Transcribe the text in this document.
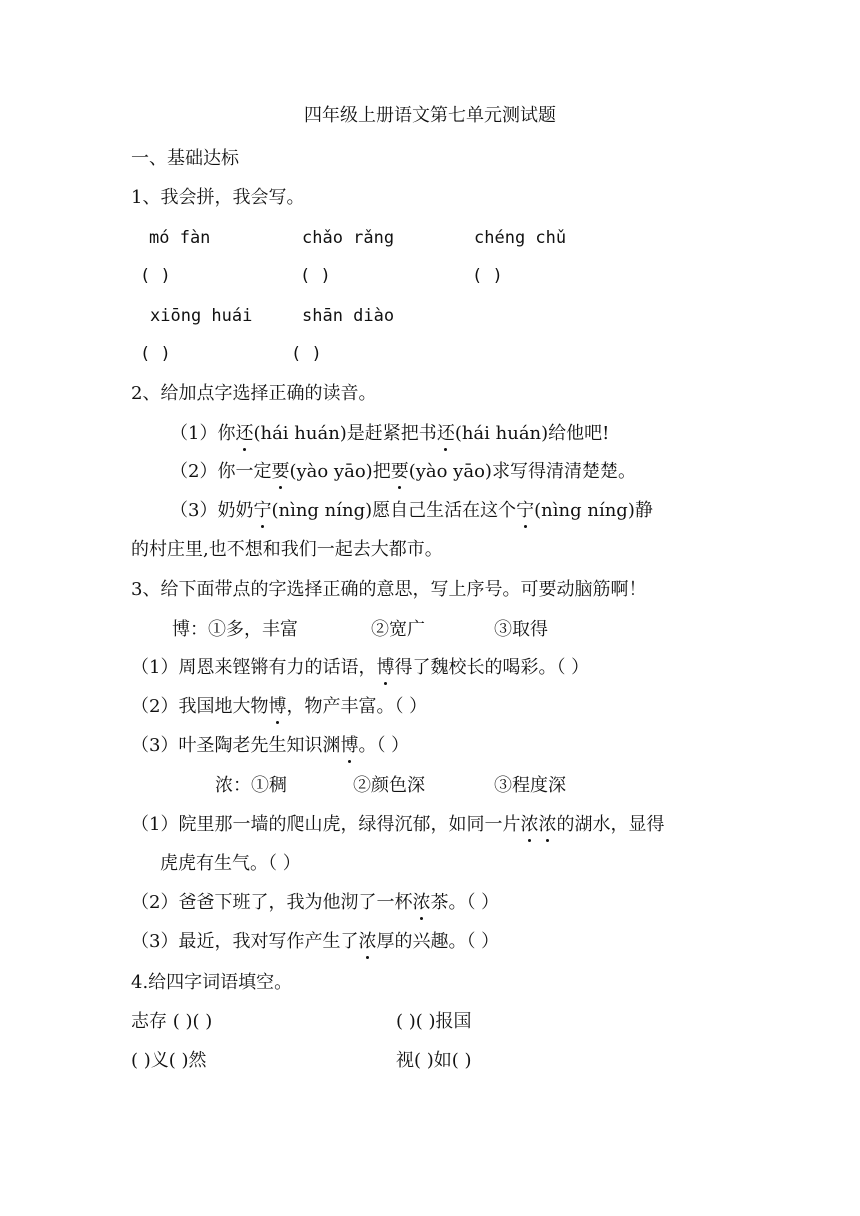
四年级上册语文第七单元测试题
一、基础达标
1、我会拼，我会写。
mó fàn	chǎo rǎng	chéng chǔ
( )	( )	( )
xiōng huái	shān diào
( )	( )
2、给加点字选择正确的读音。
（1）你还(hái huán)是赶紧把书还(hái huán)给他吧!
（2）你一定要(yào yāo)把要(yào yāo)求写得清清楚楚。
（3）奶奶宁(nìng níng)愿自己生活在这个宁(nìng níng)静
的村庄里,也不想和我们一起去大都市。
3、给下面带点的字选择正确的意思，写上序号。可要动脑筋啊！
博：①多，丰富	②宽广	③取得
（1）周恩来铿锵有力的话语，博得了魏校长的喝彩。（ ）
（2）我国地大物博，物产丰富。（ ）
（3）叶圣陶老先生知识渊博。（ ）
浓：①稠	②颜色深	③程度深
（1）院里那一墙的爬山虎，绿得沉郁，如同一片浓浓的湖水，显得
虎虎有生气。（ ）
（2）爸爸下班了，我为他沏了一杯浓茶。（ ）
（3）最近，我对写作产生了浓厚的兴趣。（ ）
4.给四字词语填空。
志存 ( )( )	( )( )报国
( )义( )然	视( )如( )
